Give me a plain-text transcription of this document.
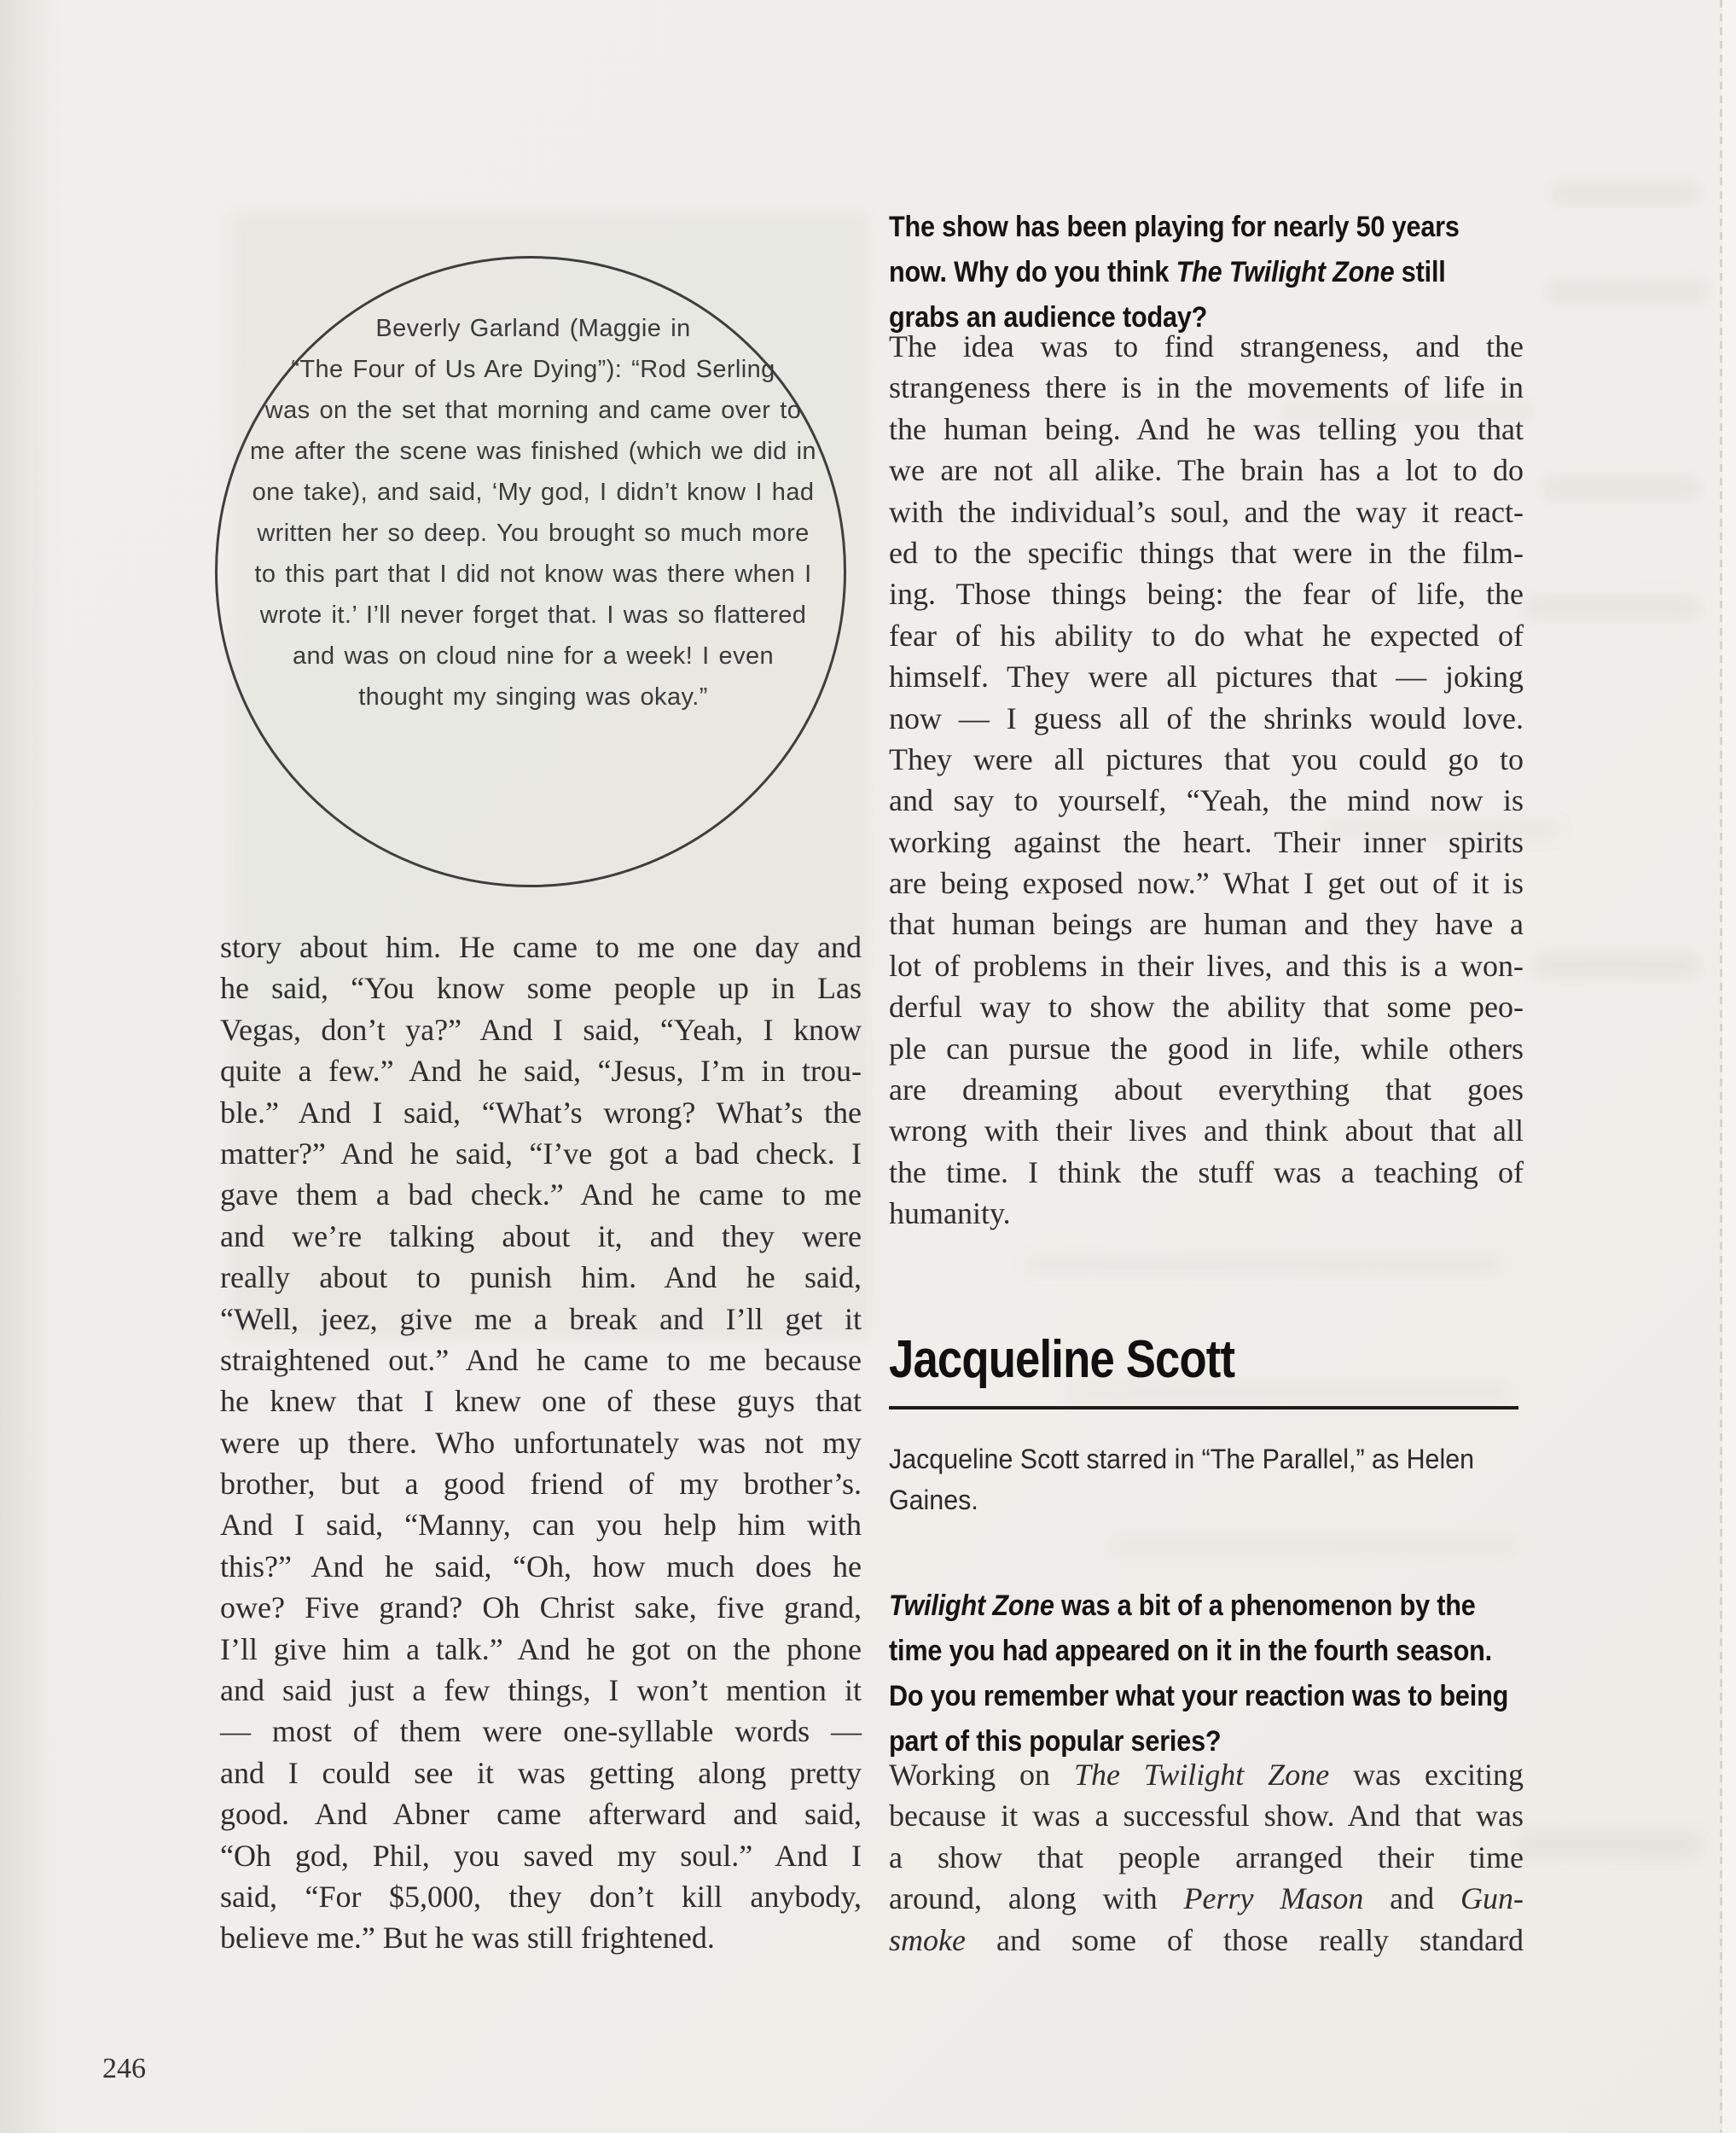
Beverly Garland (Maggie in
“The Four of Us Are Dying”): “Rod Serling
was on the set that morning and came over to
me after the scene was finished (which we did in
one take), and said, ‘My god, I didn’t know I had
written her so deep. You brought so much more
to this part that I did not know was there when I
wrote it.’ I’ll never forget that. I was so flattered
and was on cloud nine for a week! I even
thought my singing was okay.”
story about him. He came to me one day and
he said, “You know some people up in Las
Vegas, don’t ya?” And I said, “Yeah, I know
quite a few.” And he said, “Jesus, I’m in trou-
ble.” And I said, “What’s wrong? What’s the
matter?” And he said, “I’ve got a bad check. I
gave them a bad check.” And he came to me
and we’re talking about it, and they were
really about to punish him. And he said,
“Well, jeez, give me a break and I’ll get it
straightened out.” And he came to me because
he knew that I knew one of these guys that
were up there. Who unfortunately was not my
brother, but a good friend of my brother’s.
And I said, “Manny, can you help him with
this?” And he said, “Oh, how much does he
owe? Five grand? Oh Christ sake, five grand,
I’ll give him a talk.” And he got on the phone
and said just a few things, I won’t mention it
— most of them were one-syllable words —
and I could see it was getting along pretty
good. And Abner came afterward and said,
“Oh god, Phil, you saved my soul.” And I
said, “For $5,000, they don’t kill anybody,
believe me.” But he was still frightened.
The show has been playing for nearly 50 years
now. Why do you think The Twilight Zone still
grabs an audience today?
The idea was to find strangeness, and the
strangeness there is in the movements of life in
the human being. And he was telling you that
we are not all alike. The brain has a lot to do
with the individual’s soul, and the way it react-
ed to the specific things that were in the film-
ing. Those things being: the fear of life, the
fear of his ability to do what he expected of
himself. They were all pictures that — joking
now — I guess all of the shrinks would love.
They were all pictures that you could go to
and say to yourself, “Yeah, the mind now is
working against the heart. Their inner spirits
are being exposed now.” What I get out of it is
that human beings are human and they have a
lot of problems in their lives, and this is a won-
derful way to show the ability that some peo-
ple can pursue the good in life, while others
are dreaming about everything that goes
wrong with their lives and think about that all
the time. I think the stuff was a teaching of
humanity.
Jacqueline Scott
Jacqueline Scott starred in “The Parallel,” as Helen
Gaines.
Twilight Zone was a bit of a phenomenon by the
time you had appeared on it in the fourth season.
Do you remember what your reaction was to being
part of this popular series?
Working on The Twilight Zone was exciting
because it was a successful show. And that was
a show that people arranged their time
around, along with Perry Mason and Gun-
smoke and some of those really standard
246
